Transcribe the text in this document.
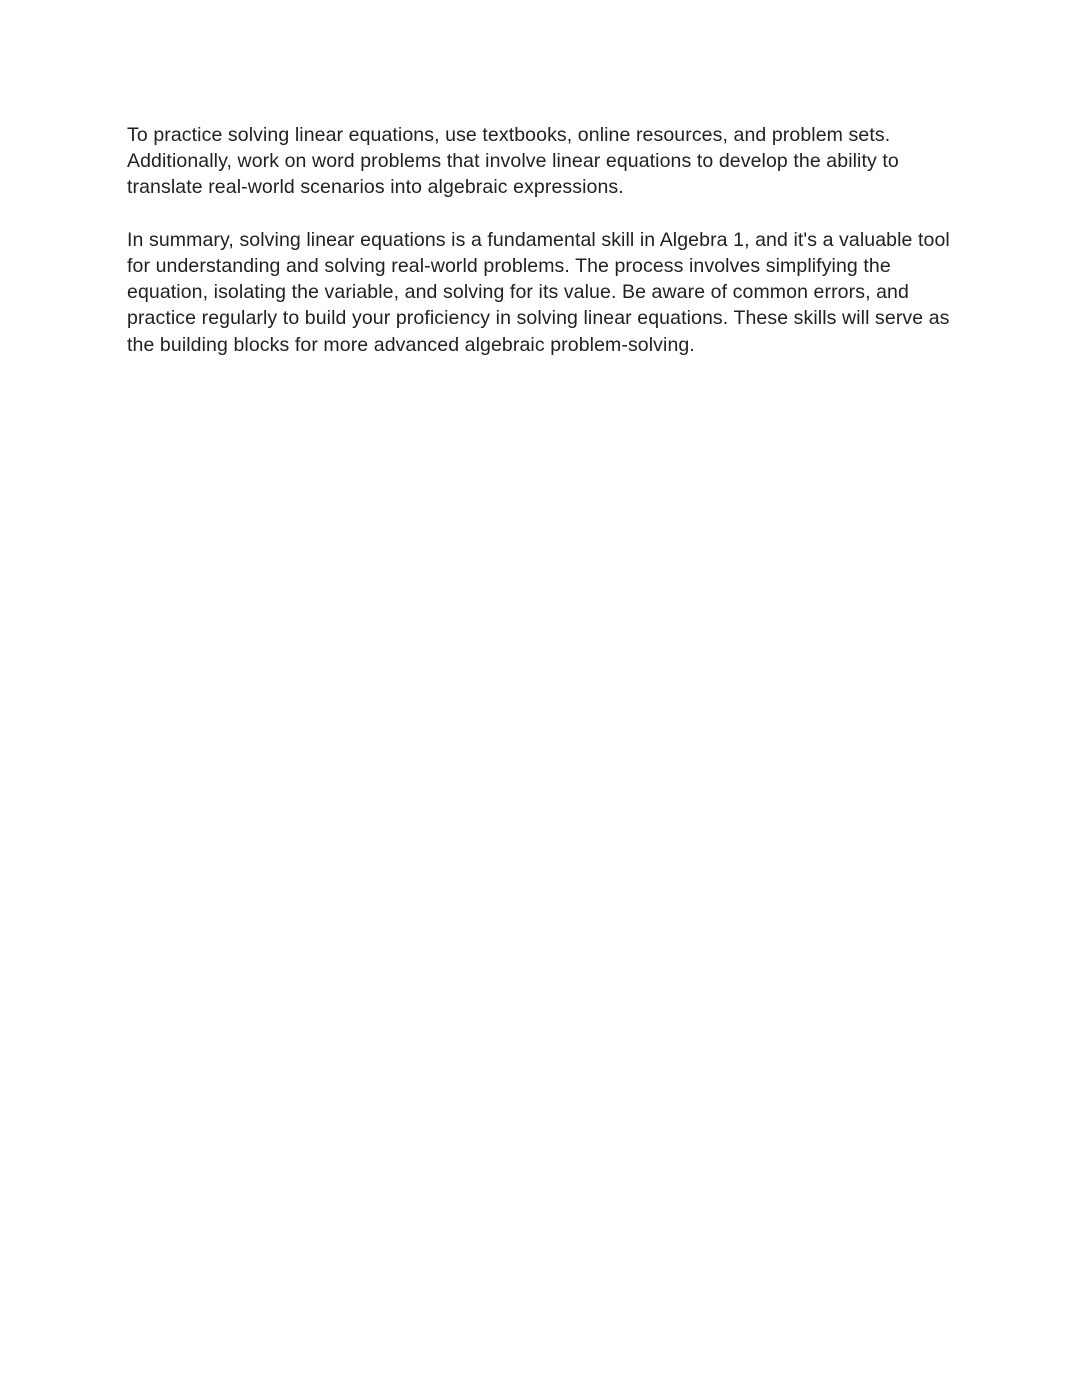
To practice solving linear equations, use textbooks, online resources, and problem sets.
Additionally, work on word problems that involve linear equations to develop the ability to
translate real-world scenarios into algebraic expressions.
In summary, solving linear equations is a fundamental skill in Algebra 1, and it's a valuable tool
for understanding and solving real-world problems. The process involves simplifying the
equation, isolating the variable, and solving for its value. Be aware of common errors, and
practice regularly to build your proficiency in solving linear equations. These skills will serve as
the building blocks for more advanced algebraic problem-solving.
